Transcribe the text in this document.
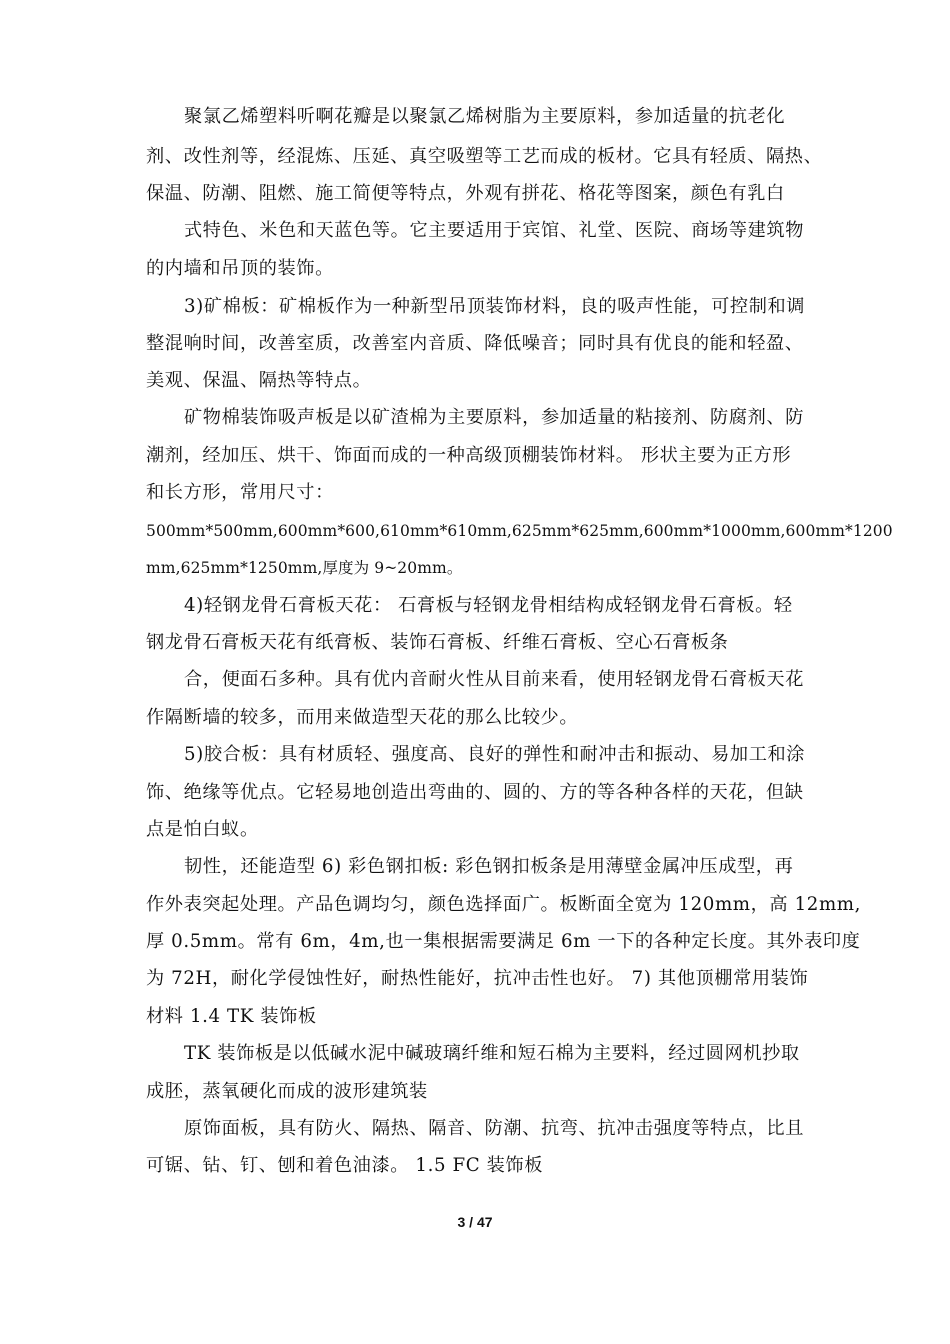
聚氯乙烯塑料听啊花瓣是以聚氯乙烯树脂为主要原料，参加适量的抗老化
剂、改性剂等，经混炼、压延、真空吸塑等工艺而成的板材。它具有轻质、隔热、
保温、防潮、阻燃、施工简便等特点，外观有拼花、格花等图案，颜色有乳白
式特色、米色和天蓝色等。它主要适用于宾馆、礼堂、医院、商场等建筑物
的内墙和吊顶的装饰。
3)矿棉板：矿棉板作为一种新型吊顶装饰材料，良的吸声性能，可控制和调
整混响时间，改善室质，改善室内音质、降低噪音；同时具有优良的能和轻盈、
美观、保温、隔热等特点。
矿物棉装饰吸声板是以矿渣棉为主要原料，参加适量的粘接剂、防腐剂、防
潮剂，经加压、烘干、饰面而成的一种高级顶棚装饰材料。 形状主要为正方形
和长方形，常用尺寸：
500mm*500mm,600mm*600,610mm*610mm,625mm*625mm,600mm*1000mm,600mm*1200
mm,625mm*1250mm,厚度为 9~20mm。
4)轻钢龙骨石膏板天花： 石膏板与轻钢龙骨相结构成轻钢龙骨石膏板。轻
钢龙骨石膏板天花有纸膏板、装饰石膏板、纤维石膏板、空心石膏板条
合，便面石多种。具有优内音耐火性从目前来看，使用轻钢龙骨石膏板天花
作隔断墙的较多，而用来做造型天花的那么比较少。
5)胶合板：具有材质轻、强度高、良好的弹性和耐冲击和振动、易加工和涂
饰、绝缘等优点。它轻易地创造出弯曲的、圆的、方的等各种各样的天花，但缺
点是怕白蚁。
韧性，还能造型 6) 彩色钢扣板: 彩色钢扣板条是用薄壁金属冲压成型，再
作外表突起处理。产品色调均匀，颜色选择面广。板断面全宽为 120mm，高 12mm,
厚 0.5mm。常有 6m，4m,也一集根据需要满足 6m 一下的各种定长度。其外表印度
为 72H，耐化学侵蚀性好，耐热性能好，抗冲击性也好。 7) 其他顶棚常用装饰
材料 1.4 TK 装饰板
TK 装饰板是以低碱水泥中碱玻璃纤维和短石棉为主要料，经过圆网机抄取
成胚，蒸氧硬化而成的波形建筑装
原饰面板，具有防火、隔热、隔音、防潮、抗弯、抗冲击强度等特点，比且
可锯、钻、钉、刨和着色油漆。 1.5 FC 装饰板
3 / 47
